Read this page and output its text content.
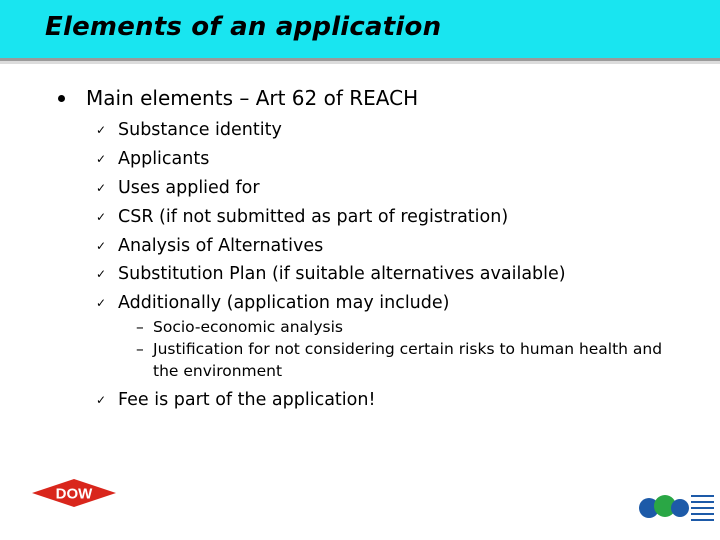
Elements of an application
Main elements – Art 62 of REACH
✓ Substance identity
✓ Applicants
✓ Uses applied for
✓ CSR (if not submitted as part of registration)
✓ Analysis of Alternatives
✓ Substitution Plan (if suitable alternatives available)
✓ Additionally (application may include)
– Socio-economic analysis
– Justification for not considering certain risks to human health and the environment
✓ Fee is part of the application!
DOW
